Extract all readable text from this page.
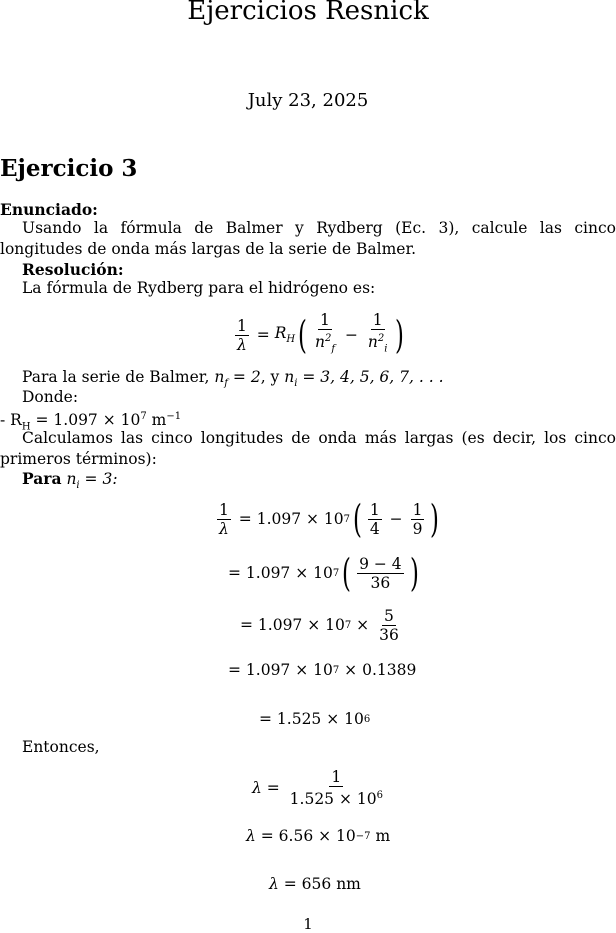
Ejercicios Resnick
July 23, 2025
Ejercicio 3
Enunciado:
Usando la fórmula de Balmer y Rydberg (Ec. 3), calcule las cinco longitudes de onda más largas de la serie de Balmer.
Resolución:
La fórmula de Rydberg para el hidrógeno es:
$\frac{1}{\lambda} = R_H$ ( $\frac{1}{n^2_f} - \frac{1}{n^2_i}$ )
Para la serie de Balmer, $n_f = 2$, y $n_i = 3$, 4, 5, 6, 7, . . .
Donde:
- $R_H = 1.097 \times 10^7$ $m^{-1}$
Calculamos las cinco longitudes de onda más largas (es decir, los cinco primeros términos):
Para $n_i = 3$:
$\frac{1}{\lambda} = 1.097 \times 10$ 7 ( $\frac{1}{4} - \frac{1}{9}$ )
= 1.097 × 10 7 ( $\frac{9 - 4}{36}$ )
= 1.097 × 10 $7 \times \frac{5}{36}$
= 1.097 × 10 7 × 0.1389
= 1.525 × 10 6
Entonces,
$\lambda = \frac{1}{1.525 \times 10^6}$
λ = 6.56 × 10 −7
m
λ = 656
nm
1
